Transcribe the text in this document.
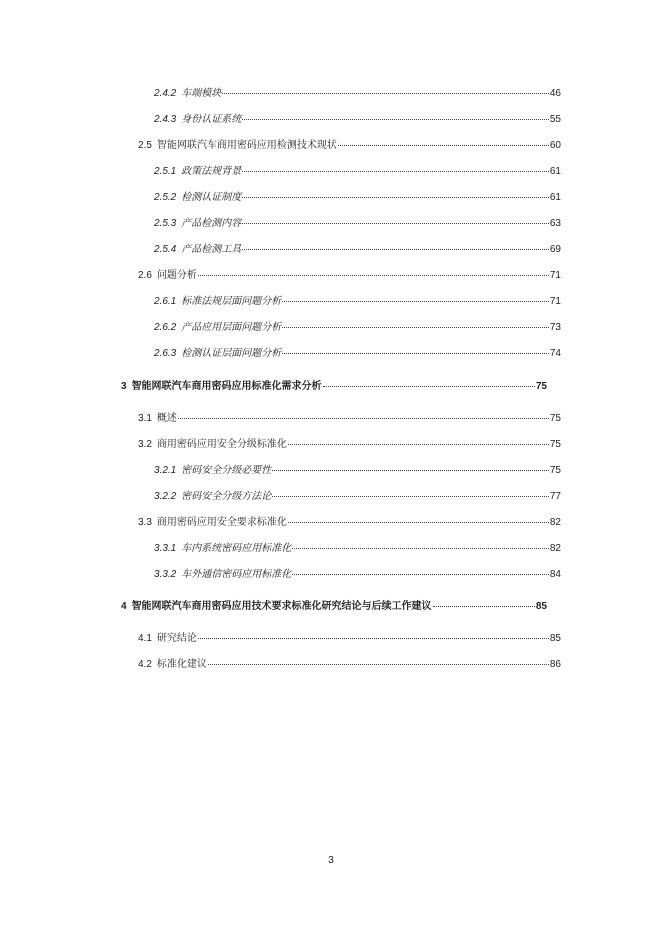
2.4.2 车端模块	46
2.4.3 身份认证系统	55
2.5 智能网联汽车商用密码应用检测技术现状	60
2.5.1 政策法规背景	61
2.5.2 检测认证制度	61
2.5.3 产品检测内容	63
2.5.4 产品检测工具	69
2.6 问题分析	71
2.6.1 标准法规层面问题分析	71
2.6.2 产品应用层面问题分析	73
2.6.3 检测认证层面问题分析	74
3 智能网联汽车商用密码应用标准化需求分析	75
3.1 概述	75
3.2 商用密码应用安全分级标准化	75
3.2.1 密码安全分级必要性	75
3.2.2 密码安全分级方法论	77
3.3 商用密码应用安全要求标准化	82
3.3.1 车内系统密码应用标准化	82
3.3.2 车外通信密码应用标准化	84
4 智能网联汽车商用密码应用技术要求标准化研究结论与后续工作建议	85
4.1 研究结论	85
4.2 标准化建议	86
3
